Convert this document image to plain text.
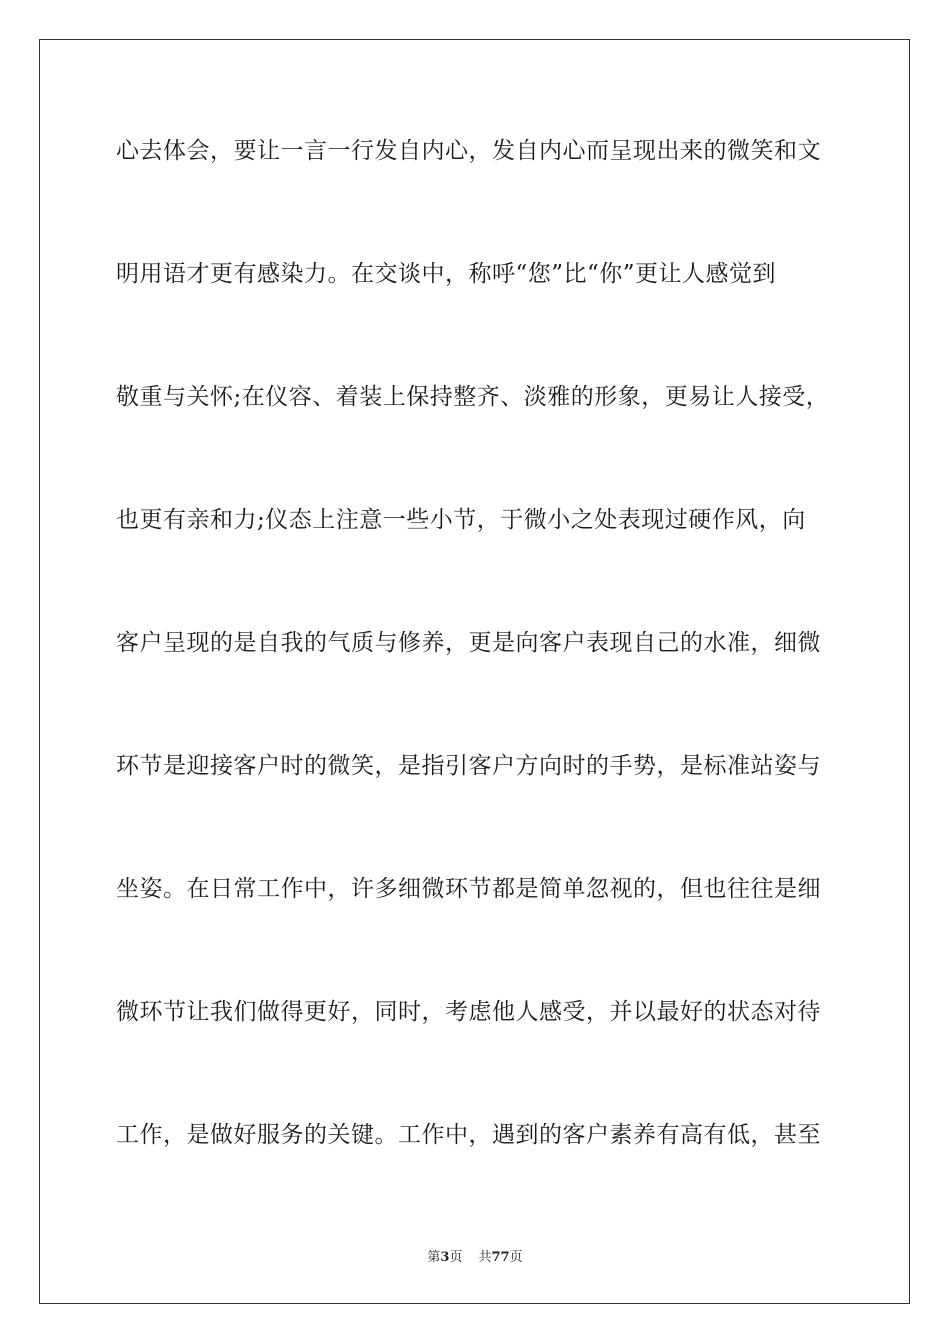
心去体会，要让一言一行发自内心，发自内心而呈现出来的微笑和文
明用语才更有感染力。在交谈中，称呼“您”比“你”更让人感觉到
敬重与关怀;在仪容、着装上保持整齐、淡雅的形象，更易让人接受，
也更有亲和力;仪态上注意一些小节，于微小之处表现过硬作风，向
客户呈现的是自我的气质与修养，更是向客户表现自己的水准，细微
环节是迎接客户时的微笑，是指引客户方向时的手势，是标准站姿与
坐姿。在日常工作中，许多细微环节都是简单忽视的，但也往往是细
微环节让我们做得更好，同时，考虑他人感受，并以最好的状态对待
工作，是做好服务的关键。工作中，遇到的客户素养有高有低，甚至
第3页 共77页
